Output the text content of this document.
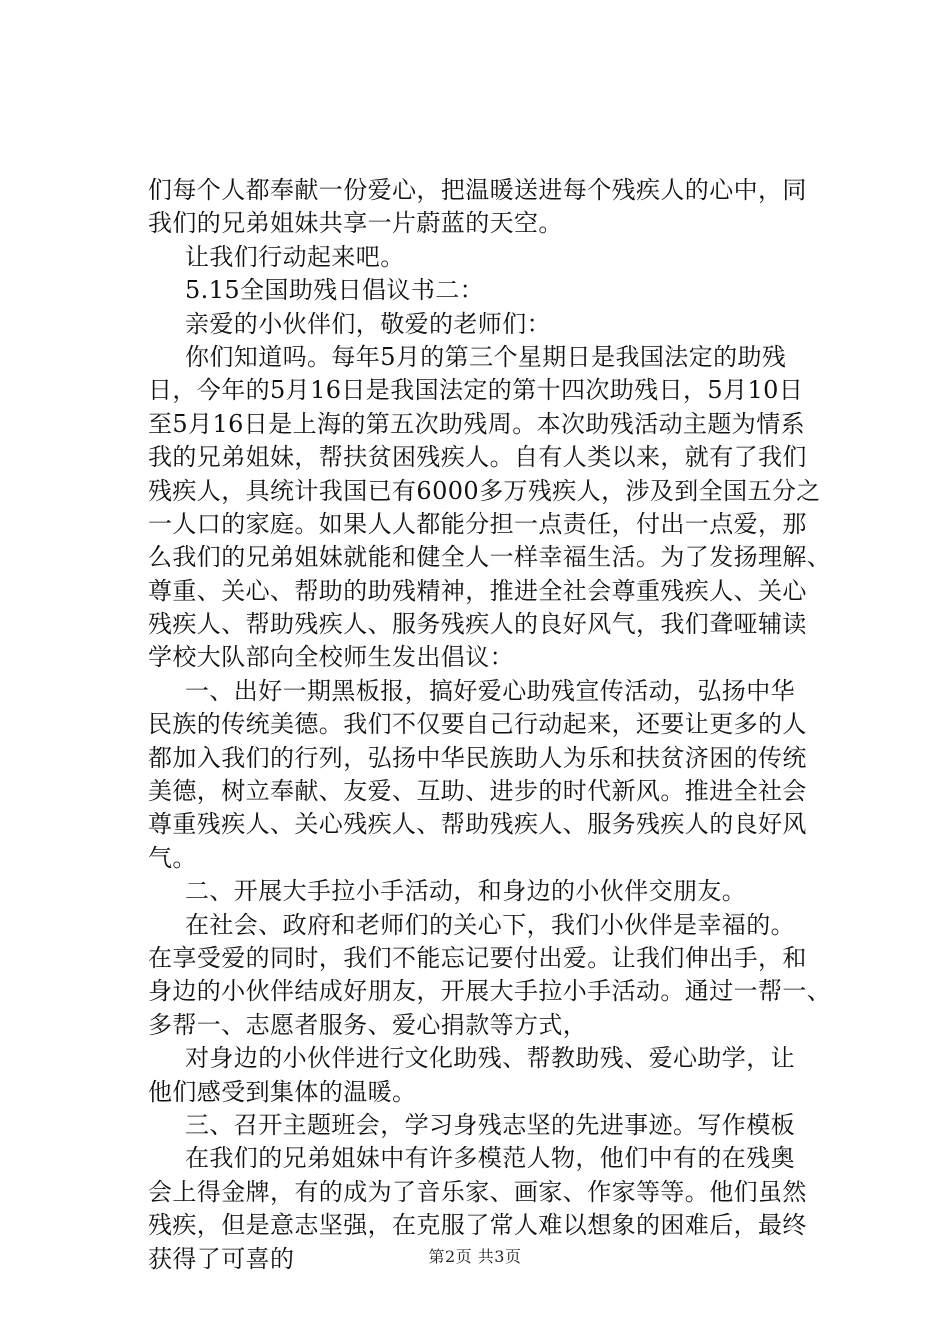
们每个人都奉献一份爱心，把温暖送进每个残疾人的心中，同
我们的兄弟姐妹共享一片蔚蓝的天空。
让我们行动起来吧。
5.15全国助残日倡议书二：
亲爱的小伙伴们，敬爱的老师们：
你们知道吗。每年5月的第三个星期日是我国法定的助残
日，今年的5月16日是我国法定的第十四次助残日，5月10日
至5月16日是上海的第五次助残周。本次助残活动主题为情系
我的兄弟姐妹，帮扶贫困残疾人。自有人类以来，就有了我们
残疾人，具统计我国已有6000多万残疾人，涉及到全国五分之
一人口的家庭。如果人人都能分担一点责任，付出一点爱，那
么我们的兄弟姐妹就能和健全人一样幸福生活。为了发扬理解、
尊重、关心、帮助的助残精神，推进全社会尊重残疾人、关心
残疾人、帮助残疾人、服务残疾人的良好风气，我们聋哑辅读
学校大队部向全校师生发出倡议：
一、出好一期黑板报，搞好爱心助残宣传活动，弘扬中华
民族的传统美德。我们不仅要自己行动起来，还要让更多的人
都加入我们的行列，弘扬中华民族助人为乐和扶贫济困的传统
美德，树立奉献、友爱、互助、进步的时代新风。推进全社会
尊重残疾人、关心残疾人、帮助残疾人、服务残疾人的良好风
气。
二、开展大手拉小手活动，和身边的小伙伴交朋友。
在社会、政府和老师们的关心下，我们小伙伴是幸福的。
在享受爱的同时，我们不能忘记要付出爱。让我们伸出手，和
身边的小伙伴结成好朋友，开展大手拉小手活动。通过一帮一、
多帮一、志愿者服务、爱心捐款等方式，
对身边的小伙伴进行文化助残、帮教助残、爱心助学，让
他们感受到集体的温暖。
三、召开主题班会，学习身残志坚的先进事迹。写作模板
在我们的兄弟姐妹中有许多模范人物，他们中有的在残奥
会上得金牌，有的成为了音乐家、画家、作家等等。他们虽然
残疾，但是意志坚强，在克服了常人难以想象的困难后，最终
获得了可喜的	第2页 共3页
